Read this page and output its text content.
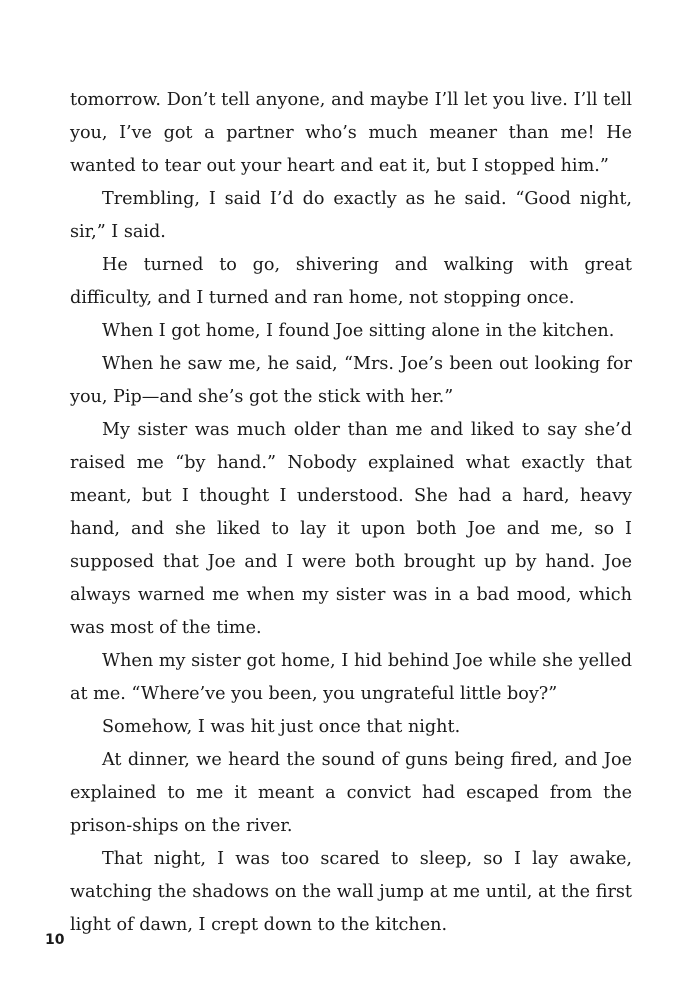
tomorrow. Don’t tell anyone, and maybe I’ll let you live. I’ll tell you, I’ve got a partner who’s much meaner than me! He wanted to tear out your heart and eat it, but I stopped him.”

Trembling, I said I’d do exactly as he said. “Good night, sir,” I said.

He turned to go, shivering and walking with great difficulty, and I turned and ran home, not stopping once.

When I got home, I found Joe sitting alone in the kitchen.

When he saw me, he said, “Mrs. Joe’s been out looking for you, Pip—and she’s got the stick with her.”

My sister was much older than me and liked to say she’d raised me “by hand.” Nobody explained what exactly that meant, but I thought I understood. She had a hard, heavy hand, and she liked to lay it upon both Joe and me, so I supposed that Joe and I were both brought up by hand. Joe always warned me when my sister was in a bad mood, which was most of the time.

When my sister got home, I hid behind Joe while she yelled at me. “Where’ve you been, you ungrateful little boy?”

Somehow, I was hit just once that night.

At dinner, we heard the sound of guns being fired, and Joe explained to me it meant a convict had escaped from the prison-ships on the river.

That night, I was too scared to sleep, so I lay awake, watching the shadows on the wall jump at me until, at the first light of dawn, I crept down to the kitchen.

10
